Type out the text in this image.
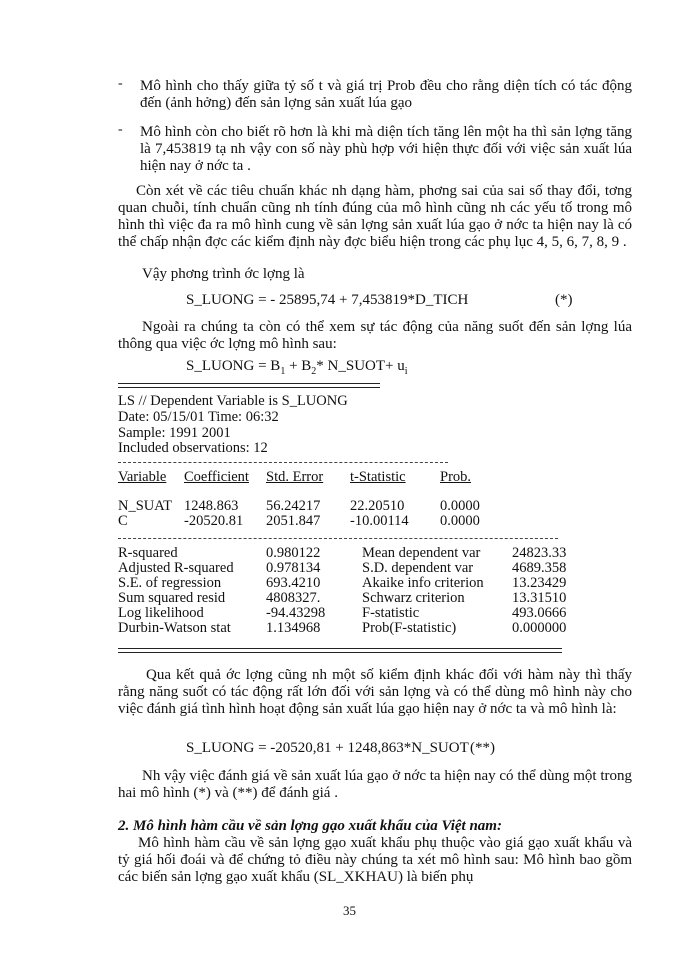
- Mô hình cho thấy giữa tỷ số t và giá trị Prob đều cho rằng diện tích có tác động đến (ảnh hởng) đến sản lợng sản xuất lúa gạo
- Mô hình còn cho biết rõ hơn là khi mà diện tích tăng lên một ha thì sản lợng tăng là 7,453819 tạ nh vậy con số này phù hợp với hiện thực đối với việc sản xuất lúa hiện nay ở nớc ta .
Còn xét về các tiêu chuẩn khác nh dạng hàm, phơng sai của sai số thay đổi, tơng quan chuỗi, tính chuẩn cũng nh tính đúng của mô hình cũng nh các yếu tố trong mô hình thì việc đa ra mô hình cung về sản lợng sản xuất lúa gạo ở nớc ta hiện nay là có thể chấp nhận đợc các kiểm định này đợc biểu hiện trong các phụ lục 4, 5, 6, 7, 8, 9 .
Vậy phơng trình ớc lợng là
S_LUONG = - 25895,74 + 7,453819*D_TICH	(*)
Ngoài ra chúng ta còn có thể xem sự tác động của năng suốt đến sản lợng lúa thông qua việc ớc lợng mô hình sau:
S_LUONG = $B_1 + B_2*$ N_SUOT+ $u_i$
LS // Dependent Variable is S_LUONG
Date: 05/15/01 Time: 06:32
Sample: 1991 2001
Included observations: 12
Variable	Coefficient	Std. Error	t-Statistic	Prob.

N_SUAT	1248.863	56.24217	22.20510	0.0000
C	-20520.81	2051.847	-10.00114	0.0000
R-squared	0.980122	Mean dependent var	24823.33
Adjusted R-squared	0.978134	S.D. dependent var	4689.358
S.E. of regression	693.4210	Akaike info criterion	13.23429
Sum squared resid	4808327.	Schwarz criterion	13.31510
Log likelihood	-94.43298	F-statistic	493.0666
Durbin-Watson stat	1.134968	Prob(F-statistic)	0.000000
Qua kết quả ớc lợng cũng nh một số kiểm định khác đối với hàm này thì thấy rằng năng suốt có tác động rất lớn đối với sản lợng và có thể dùng mô hình này cho việc đánh giá tình hình hoạt động sản xuất lúa gạo hiện nay ở nớc ta và mô hình là:
S_LUONG = -20520,81 + 1248,863*N_SUOT (**)
Nh vậy việc đánh giá về sản xuất lúa gạo ở nớc ta hiện nay có thể dùng một trong hai mô hình (*) và (**) để đánh giá .
2. Mô hình hàm cầu về sản lợng gạo xuất khẩu của Việt nam:
Mô hình hàm cầu về sản lợng gạo xuất khẩu phụ thuộc vào giá gạo xuất khẩu và tỷ giá hối đoái và để chứng tỏ điều này chúng ta xét mô hình sau: Mô hình bao gồm các biến sản lợng gạo xuất khẩu (SL_XKHAU) là biến phụ
35
